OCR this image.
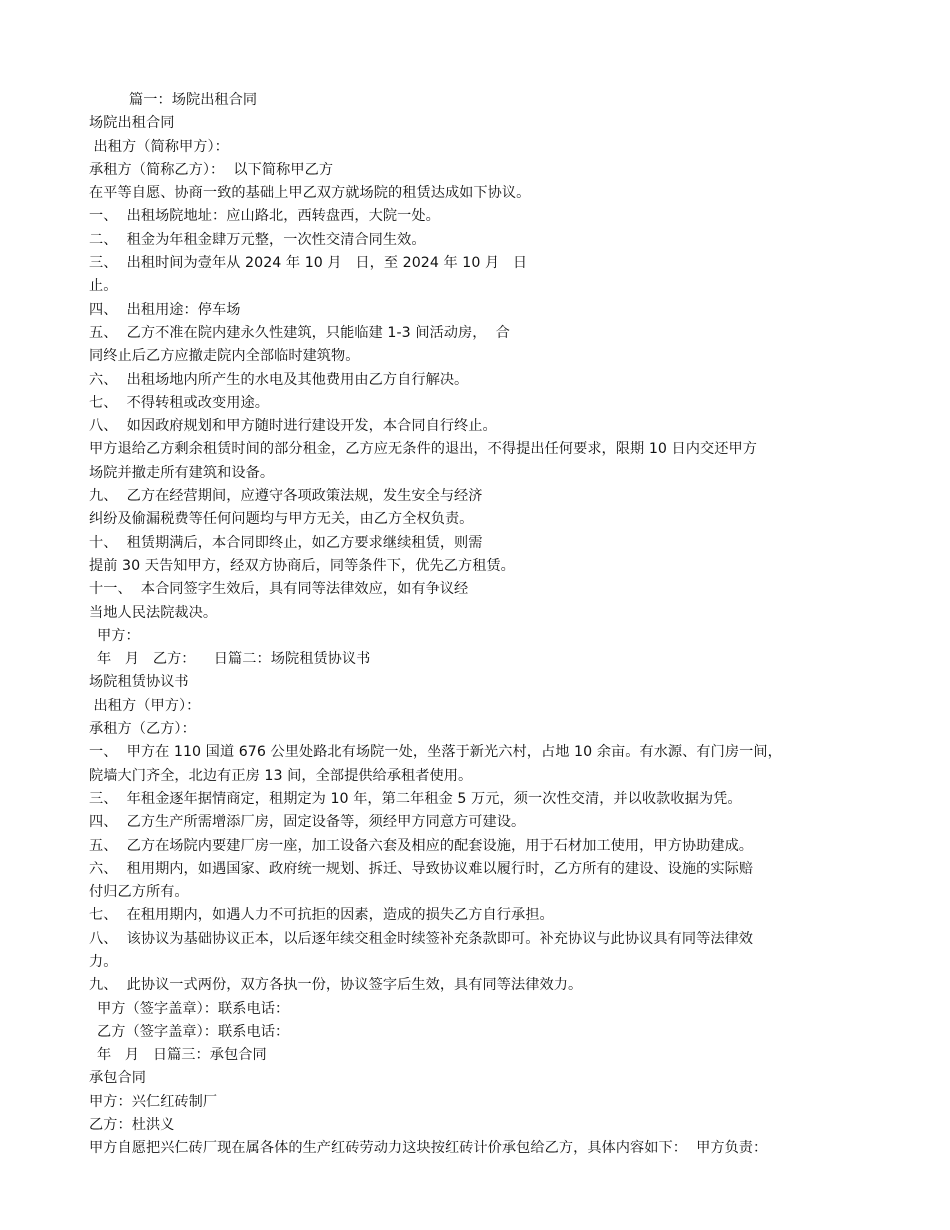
篇一：场院出租合同
场院出租合同
出租方（简称甲方）：
承租方（简称乙方）：  以下简称甲乙方
在平等自愿、协商一致的基础上甲乙双方就场院的租赁达成如下协议。
一、  出租场院地址：应山路北，西转盘西，大院一处。
二、  租金为年租金肆万元整，一次性交清合同生效。
三、  出租时间为壹年从 2024 年 10 月   日，至 2024 年 10 月   日
止。
四、  出租用途：停车场
五、  乙方不准在院内建永久性建筑，只能临建 1-3 间活动房，  合
同终止后乙方应撤走院内全部临时建筑物。
六、  出租场地内所产生的水电及其他费用由乙方自行解决。
七、  不得转租或改变用途。
八、  如因政府规划和甲方随时进行建设开发，本合同自行终止。
甲方退给乙方剩余租赁时间的部分租金，乙方应无条件的退出，不得提出任何要求，限期 10 日内交还甲方
场院并撤走所有建筑和设备。
九、  乙方在经营期间，应遵守各项政策法规，发生安全与经济
纠纷及偷漏税费等任何问题均与甲方无关，由乙方全权负责。
十、  租赁期满后，本合同即终止，如乙方要求继续租赁，则需
提前 30 天告知甲方，经双方协商后，同等条件下，优先乙方租赁。
十一、  本合同签字生效后，具有同等法律效应，如有争议经
当地人民法院裁决。
甲方：
年   月   乙方：    日篇二：场院租赁协议书
场院租赁协议书
出租方（甲方）：
承租方（乙方）：
一、  甲方在 110 国道 676 公里处路北有场院一处，坐落于新光六村，占地 10 余亩。有水源、有门房一间，
院墙大门齐全，北边有正房 13 间，全部提供给承租者使用。
三、  年租金逐年据情商定，租期定为 10 年，第二年租金 5 万元，须一次性交清，并以收款收据为凭。
四、  乙方生产所需增添厂房，固定设备等，须经甲方同意方可建设。
五、  乙方在场院内要建厂房一座，加工设备六套及相应的配套设施，用于石材加工使用，甲方协助建成。
六、  租用期内，如遇国家、政府统一规划、拆迁、导致协议难以履行时，乙方所有的建设、设施的实际赔
付归乙方所有。
七、  在租用期内，如遇人力不可抗拒的因素，造成的损失乙方自行承担。
八、  该协议为基础协议正本，以后逐年续交租金时续签补充条款即可。补充协议与此协议具有同等法律效
力。
九、  此协议一式两份，双方各执一份，协议签字后生效，具有同等法律效力。
甲方（签字盖章）：联系电话：
乙方（签字盖章）：联系电话：
年   月   日篇三：承包合同
承包合同
甲方：兴仁红砖制厂
乙方：杜洪义
甲方自愿把兴仁砖厂现在属各体的生产红砖劳动力这块按红砖计价承包给乙方，具体内容如下：  甲方负责：
